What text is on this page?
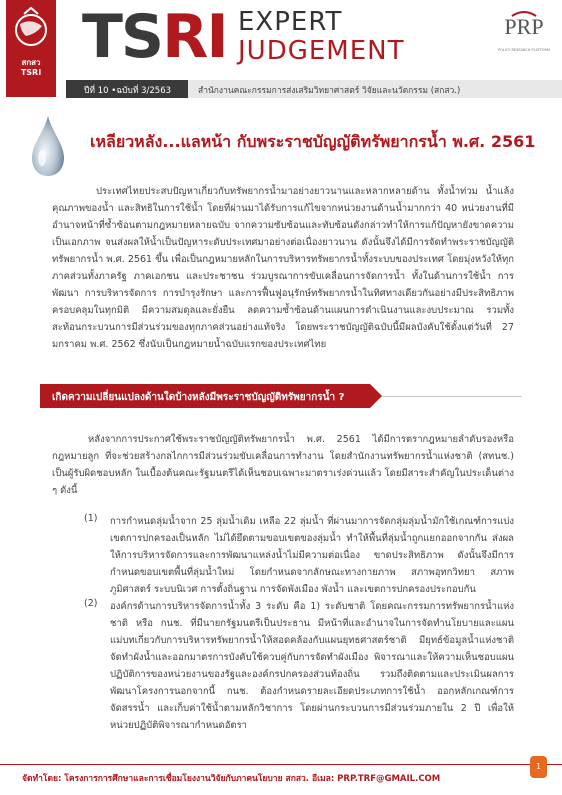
สกสว
TSRI
TSRI EXPERT
JUDGEMENT
PRP
POLICY RESEARCH PLATFORM
ปีที่ 10 •ฉบับที่ 3/2563	สำนักงานคณะกรรมการส่งเสริมวิทยาศาสตร์ วิจัยและนวัตกรรม (สกสว.)
เหลียวหลัง...แลหน้า กับพระราชบัญญัติทรัพยากรน้ำ พ.ศ. 2561
ประเทศไทยประสบปัญหาเกี่ยวกับทรัพยากรน้ำมาอย่างยาวนานและหลากหลายด้าน ทั้งน้ำท่วม น้ำแล้ง คุณภาพของน้ำ และสิทธิในการใช้น้ำ โดยที่ผ่านมาได้รับการแก้ไขจากหน่วยงานด้านน้ำมากกว่า 40 หน่วยงานที่มีอำนาจหน้าที่ซ้ำซ้อนตามกฎหมายหลายฉบับ จากความซับซ้อนและทับซ้อนดังกล่าวทำให้การแก้ปัญหายังขาดความเป็นเอกภาพ จนส่งผลให้น้ำเป็นปัญหาระดับประเทศมาอย่างต่อเนื่องยาวนาน ดังนั้นจึงได้มีการจัดทำพระราชบัญญัติทรัพยากรน้ำ พ.ศ. 2561 ขึ้น เพื่อเป็นกฎหมายหลักในการบริหารทรัพยากรน้ำทั้งระบบของประเทศ โดยมุ่งหวังให้ทุกภาคส่วนทั้งภาครัฐ ภาคเอกชน และประชาชน ร่วมบูรณาการขับเคลื่อนการจัดการน้ำ ทั้งในด้านการใช้น้ำ การพัฒนา การบริหารจัดการ การบำรุงรักษา และการฟื้นฟูอนุรักษ์ทรัพยากรน้ำในทิศทางเดียวกันอย่างมีประสิทธิภาพ ครอบคลุมในทุกมิติ มีความสมดุลและยั่งยืน ลดความซ้ำซ้อนด้านแผนการดำเนินงานและงบประมาณ รวมทั้งสะท้อนกระบวนการมีส่วนร่วมของทุกภาคส่วนอย่างแท้จริง โดยพระราชบัญญัติฉบับนี้มีผลบังคับใช้ตั้งแต่วันที่ 27 มกราคม พ.ศ. 2562 ซึ่งนับเป็นกฎหมายน้ำฉบับแรกของประเทศไทย
เกิดความเปลี่ยนแปลงด้านใดบ้างหลังมีพระราชบัญญัติทรัพยากรน้ำ ?
หลังจากการประกาศใช้พระราชบัญญัติทรัพยากรน้ำ พ.ศ. 2561 ได้มีการตรากฎหมายลำดับรองหรือกฎหมายลูก ที่จะช่วยสร้างกลไกการมีส่วนร่วมขับเคลื่อนการทำงาน โดยสำนักงานทรัพยากรน้ำแห่งชาติ (สทนช.) เป็นผู้รับผิดชอบหลัก ในเบื้องต้นคณะรัฐมนตรีได้เห็นชอบเฉพาะมาตราเร่งด่วนแล้ว โดยมีสาระสำคัญในประเด็นต่าง ๆ ดังนี้
(1) การกำหนดลุ่มน้ำจาก 25 ลุ่มน้ำเดิม เหลือ 22 ลุ่มน้ำ ที่ผ่านมาการจัดกลุ่มลุ่มน้ำมักใช้เกณฑ์การแบ่งเขตการปกครองเป็นหลัก ไม่ได้ยึดตามขอบเขตของลุ่มน้ำ ทำให้พื้นที่ลุ่มน้ำถูกแยกออกจากกัน ส่งผลให้การบริหารจัดการและการพัฒนาแหล่งน้ำไม่มีความต่อเนื่อง ขาดประสิทธิภาพ ดังนั้นจึงมีการกำหนดขอบเขตพื้นที่ลุ่มน้ำใหม่ โดยกำหนดจากลักษณะทางกายภาพ สภาพอุทกวิทยา สภาพภูมิศาสตร์ ระบบนิเวศ การตั้งถิ่นฐาน การจัดพังเมือง พังน้ำ และเขตการปกครองประกอบกัน
(2) องค์กรด้านการบริหารจัดการน้ำทั้ง 3 ระดับ คือ 1) ระดับชาติ โดยคณะกรรมการทรัพยากรน้ำแห่งชาติ หรือ กนช. ที่มีนายกรัฐมนตรีเป็นประธาน มีหน้าที่และอำนาจในการจัดทำนโยบายและแผนแม่บทเกี่ยวกับการบริหารทรัพยากรน้ำให้สอดคล้องกับแผนยุทธศาสตร์ชาติ มียุทธ์ข้อมูลน้ำแห่งชาติ จัดทำผังน้ำและออกมาตรการบังคับใช้ควบคู่กับการจัดทำผังเมือง พิจารณาและให้ความเห็นชอบแผนปฏิบัติการของหน่วยงานของรัฐและองค์กรปกครองส่วนท้องถิ่น รวมถึงติดตามและประเมินผลการพัฒนาโครงการนอกจากนี้ กนช. ต้องกำหนดรายละเอียดประเภทการใช้น้ำ ออกหลักเกณฑ์การจัดสรรน้ำ และเก็บค่าใช้น้ำตามหลักวิชาการ โดยผ่านกระบวนการมีส่วนร่วมภายใน 2 ปี เพื่อให้หน่วยปฏิบัติพิจารณากำหนดอัตรา
จัดทำโดย: โครงการการศึกษาและการเชื่อมโยงงานวิจัยกับภาคนโยบาย สกสว. อีเมล: PRP.TRF@GMAIL.COM
1
